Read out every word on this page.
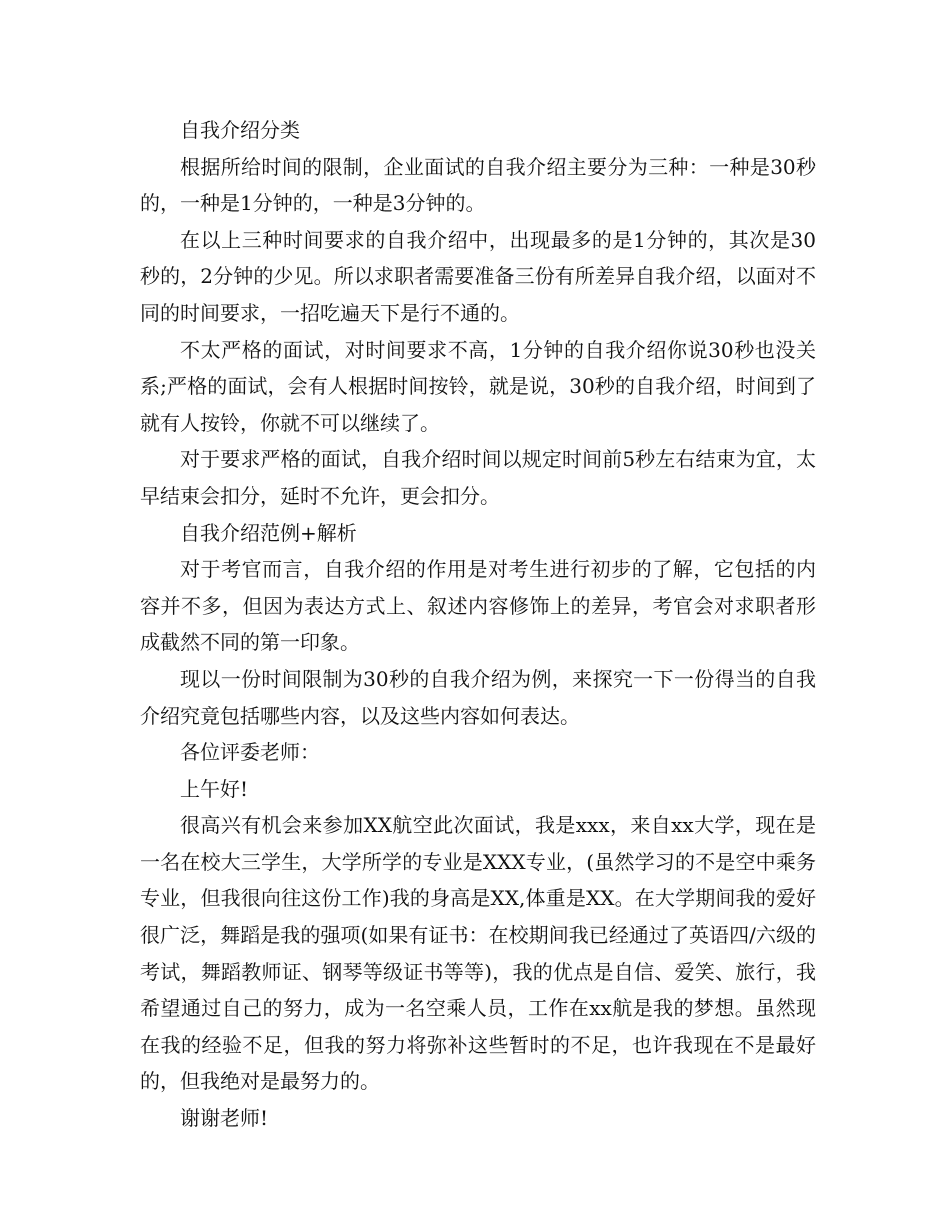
自我介绍分类

根据所给时间的限制，企业面试的自我介绍主要分为三种：一种是30秒的，一种是1分钟的，一种是3分钟的。

在以上三种时间要求的自我介绍中，出现最多的是1分钟的，其次是30秒的，2分钟的少见。所以求职者需要准备三份有所差异自我介绍，以面对不同的时间要求，一招吃遍天下是行不通的。

不太严格的面试，对时间要求不高，1分钟的自我介绍你说30秒也没关系;严格的面试，会有人根据时间按铃，就是说，30秒的自我介绍，时间到了就有人按铃，你就不可以继续了。

对于要求严格的面试，自我介绍时间以规定时间前5秒左右结束为宜，太早结束会扣分，延时不允许，更会扣分。

自我介绍范例+解析

对于考官而言，自我介绍的作用是对考生进行初步的了解，它包括的内容并不多，但因为表达方式上、叙述内容修饰上的差异，考官会对求职者形成截然不同的第一印象。

现以一份时间限制为30秒的自我介绍为例，来探究一下一份得当的自我介绍究竟包括哪些内容，以及这些内容如何表达。

各位评委老师：

上午好!

很高兴有机会来参加XX航空此次面试，我是xxx，来自xx大学，现在是一名在校大三学生，大学所学的专业是XXX专业，(虽然学习的不是空中乘务专业，但我很向往这份工作)我的身高是XX,体重是XX。在大学期间我的爱好很广泛，舞蹈是我的强项(如果有证书：在校期间我已经通过了英语四/六级的考试，舞蹈教师证、钢琴等级证书等等)，我的优点是自信、爱笑、旅行，我希望通过自己的努力，成为一名空乘人员，工作在xx航是我的梦想。虽然现在我的经验不足，但我的努力将弥补这些暂时的不足，也许我现在不是最好的，但我绝对是最努力的。

谢谢老师!
